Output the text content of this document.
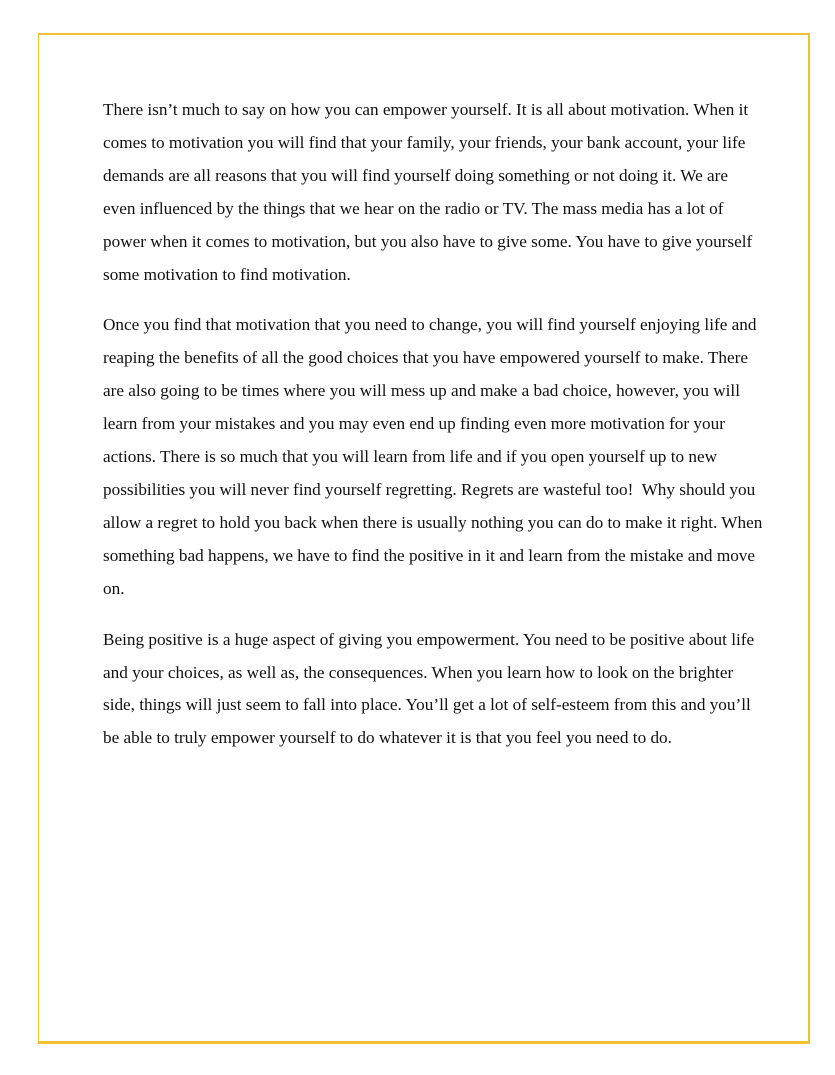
There isn’t much to say on how you can empower yourself. It is all about motivation. When it comes to motivation you will find that your family, your friends, your bank account, your life demands are all reasons that you will find yourself doing something or not doing it. We are even influenced by the things that we hear on the radio or TV. The mass media has a lot of power when it comes to motivation, but you also have to give some. You have to give yourself some motivation to find motivation.

Once you find that motivation that you need to change, you will find yourself enjoying life and reaping the benefits of all the good choices that you have empowered yourself to make. There are also going to be times where you will mess up and make a bad choice, however, you will learn from your mistakes and you may even end up finding even more motivation for your actions. There is so much that you will learn from life and if you open yourself up to new possibilities you will never find yourself regretting. Regrets are wasteful too!  Why should you allow a regret to hold you back when there is usually nothing you can do to make it right. When something bad happens, we have to find the positive in it and learn from the mistake and move on.

Being positive is a huge aspect of giving you empowerment. You need to be positive about life and your choices, as well as, the consequences. When you learn how to look on the brighter side, things will just seem to fall into place. You’ll get a lot of self-esteem from this and you’ll be able to truly empower yourself to do whatever it is that you feel you need to do.
